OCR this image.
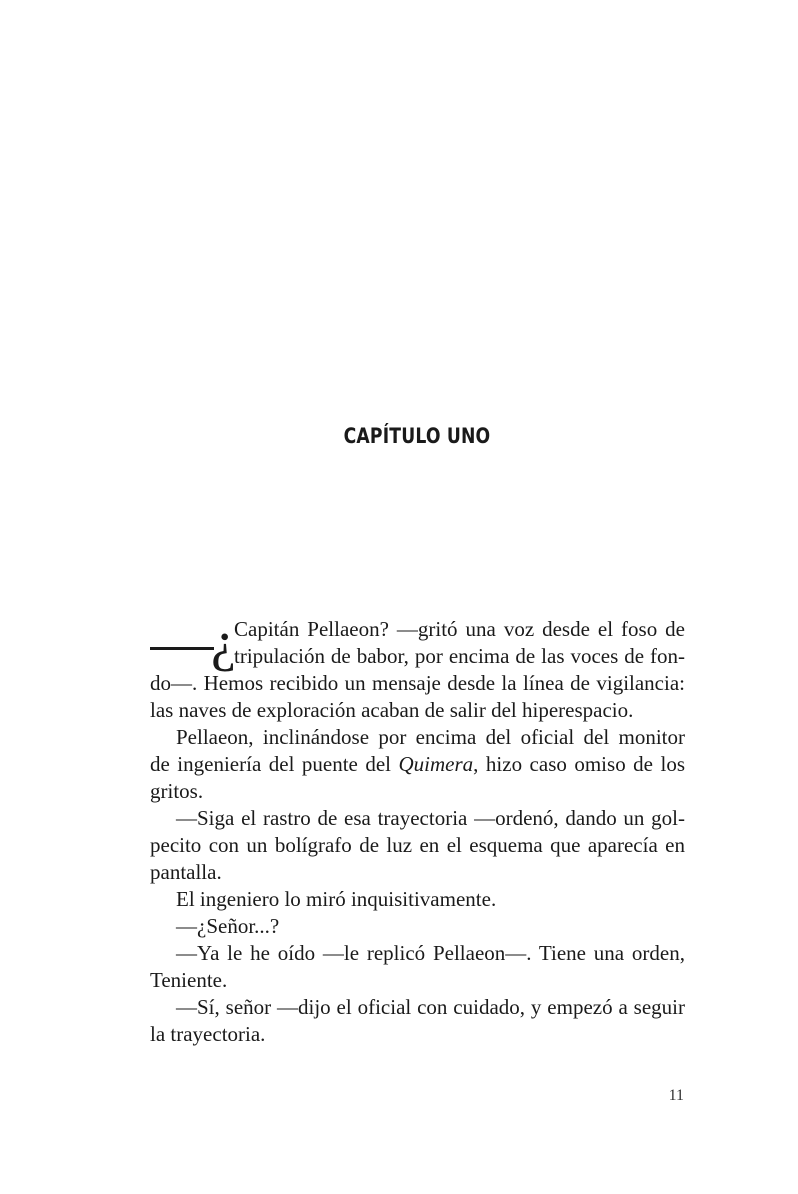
CAPÍTULO UNO
¿
Capitán Pellaeon? —gritó una voz desde el foso de
tripulación de babor, por encima de las voces de fon-
do—. Hemos recibido un mensaje desde la línea de vigilancia:
las naves de exploración acaban de salir del hiperespacio.
Pellaeon, inclinándose por encima del oficial del monitor
de ingeniería del puente del Quimera, hizo caso omiso de los
gritos.
—Siga el rastro de esa trayectoria —ordenó, dando un gol-
pecito con un bolígrafo de luz en el esquema que aparecía en
pantalla.
El ingeniero lo miró inquisitivamente.
—¿Señor...?
—Ya le he oído —le replicó Pellaeon—. Tiene una orden,
Teniente.
—Sí, señor —dijo el oficial con cuidado, y empezó a seguir
la trayectoria.
11
